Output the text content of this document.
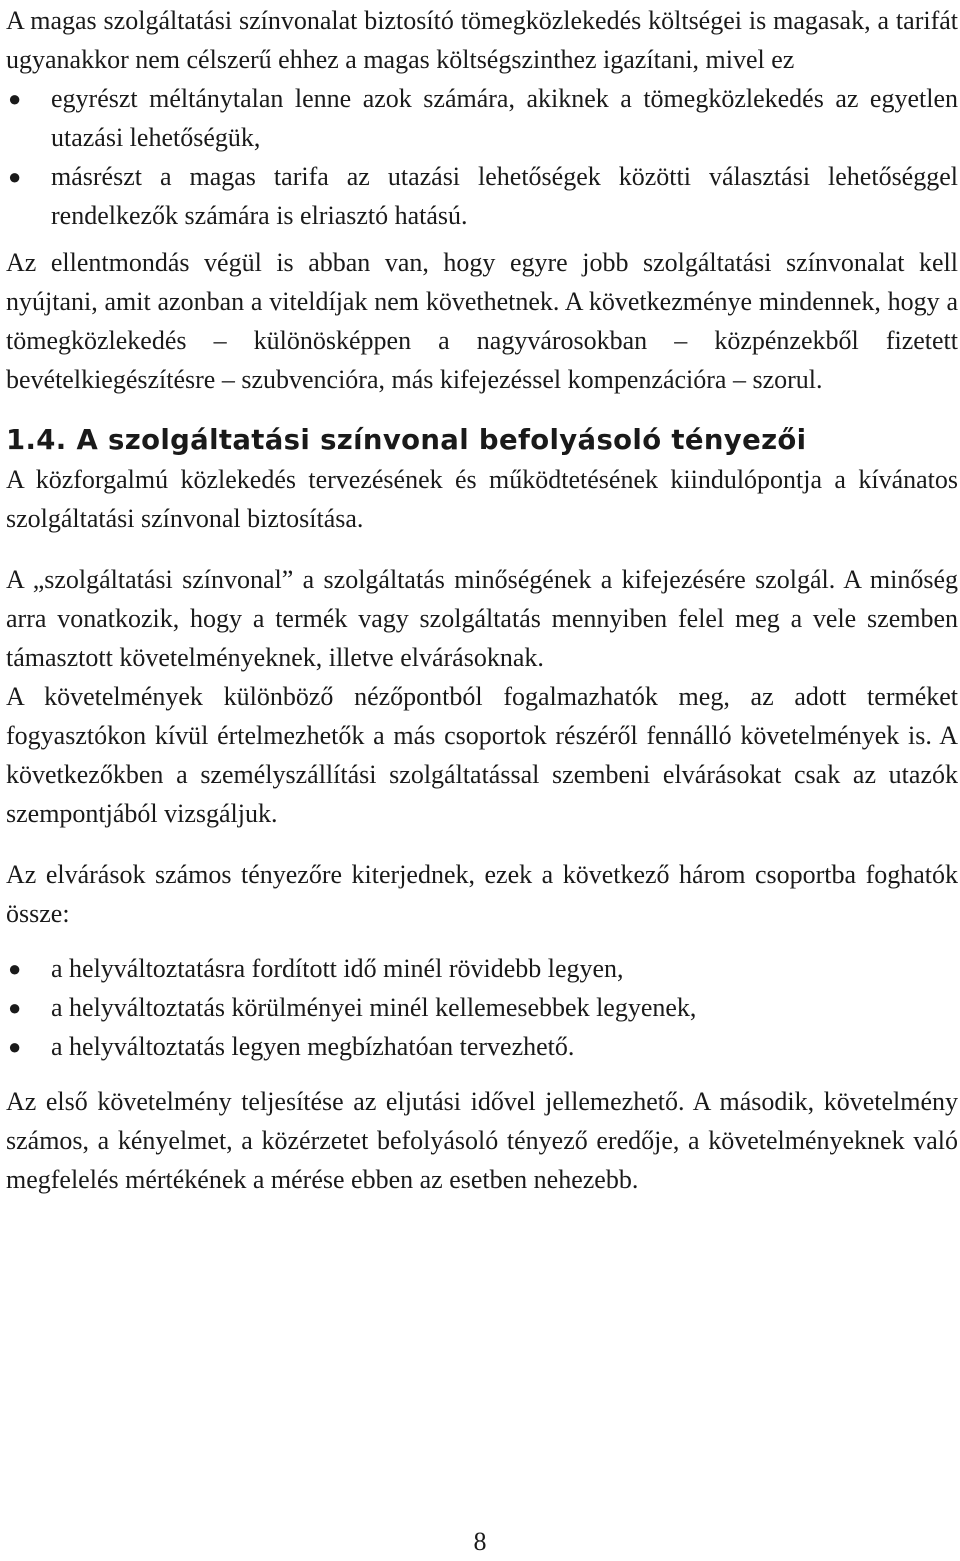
A magas szolgáltatási színvonalat biztosító tömegközlekedés költségei is magasak, a tarifát ugyanakkor nem célszerű ehhez a magas költségszinthez igazítani, mivel ez

● egyrészt méltánytalan lenne azok számára, akiknek a tömegközlekedés az egyetlen utazási lehetőségük,
● másrészt a magas tarifa az utazási lehetőségek közötti választási lehetőséggel rendelkezők számára is elriasztó hatású.

Az ellentmondás végül is abban van, hogy egyre jobb szolgáltatási színvonalat kell nyújtani, amit azonban a viteldíjak nem követhetnek. A következménye mindennek, hogy a tömegközlekedés – különösképpen a nagyvárosokban – közpénzekből fizetett bevételkiegészítésre – szubvencióra, más kifejezéssel kompenzációra – szorul.

1.4. A szolgáltatási színvonal befolyásoló tényezői

A közforgalmú közlekedés tervezésének és működtetésének kiindulópontja a kívánatos szolgáltatási színvonal biztosítása.

A „szolgáltatási színvonal” a szolgáltatás minőségének a kifejezésére szolgál. A minőség arra vonatkozik, hogy a termék vagy szolgáltatás mennyiben felel meg a vele szemben támasztott követelményeknek, illetve elvárásoknak.

A követelmények különböző nézőpontból fogalmazhatók meg, az adott terméket fogyasztókon kívül értelmezhetők a más csoportok részéről fennálló követelmények is. A következőkben a személyszállítási szolgáltatással szembeni elvárásokat csak az utazók szempontjából vizsgáljuk.

Az elvárások számos tényezőre kiterjednek, ezek a következő három csoportba foghatók össze:

● a helyváltoztatásra fordított idő minél rövidebb legyen,
● a helyváltoztatás körülményei minél kellemesebbek legyenek,
● a helyváltoztatás legyen megbízhatóan tervezhető.

Az első követelmény teljesítése az eljutási idővel jellemezhető. A második, követelmény számos, a kényelmet, a közérzetet befolyásoló tényező eredője, a követelményeknek való megfelelés mértékének a mérése ebben az esetben nehezebb.

8
